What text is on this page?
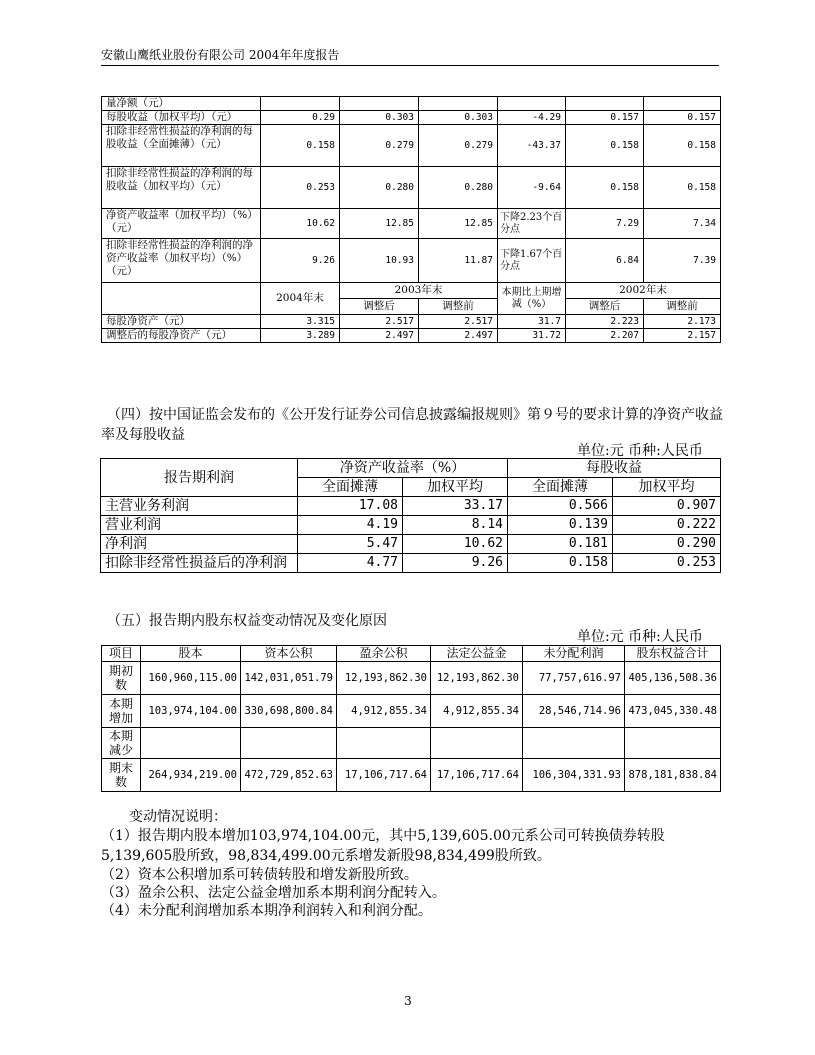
安徽山鹰纸业股份有限公司 2004年年度报告
量净额（元）						
每股收益（加权平均）（元）	0.29	0.303	0.303	-4.29	0.157	0.157
扣除非经常性损益的净利润的每股收益（全面摊薄）（元）	0.158	0.279	0.279	-43.37	0.158	0.158
扣除非经常性损益的净利润的每股收益（加权平均）（元）	0.253	0.280	0.280	-9.64	0.158	0.158
净资产收益率（加权平均）（%）（元）	10.62	12.85	12.85	下降2.23个百分点	7.29	7.34
扣除非经常性损益的净利润的净资产收益率（加权平均）（%）（元）	9.26	10.93	11.87	下降1.67个百分点	6.84	7.39
	2004年末	2003年末		本期比上期增减（%）	2002年末	
		调整后	调整前		调整后	调整前
每股净资产（元）	3.315	2.517	2.517	31.7	2.223	2.173
调整后的每股净资产（元）	3.289	2.497	2.497	31.72	2.207	2.157
（四）按中国证监会发布的《公开发行证券公司信息披露编报规则》第９号的要求计算的净资产收益
率及每股收益
单位:元 币种:人民币
报告期利润	净资产收益率（%）		每股收益	
	全面摊薄	加权平均	全面摊薄	加权平均
主营业务利润	17.08	33.17	0.566	0.907
营业利润	4.19	8.14	0.139	0.222
净利润	5.47	10.62	0.181	0.290
扣除非经常性损益后的净利润	4.77	9.26	0.158	0.253
（五）报告期内股东权益变动情况及变化原因
单位:元 币种:人民币
项目	股本	资本公积	盈余公积	法定公益金	未分配利润	股东权益合计
期初数	160,960,115.00	142,031,051.79	12,193,862.30	12,193,862.30	77,757,616.97	405,136,508.36
本期增加	103,974,104.00	330,698,800.84	4,912,855.34	4,912,855.34	28,546,714.96	473,045,330.48
本期减少						
期末数	264,934,219.00	472,729,852.63	17,106,717.64	17,106,717.64	106,304,331.93	878,181,838.84
变动情况说明：
（1）报告期内股本增加103,974,104.00元，其中5,139,605.00元系公司可转换债券转股
5,139,605股所致，98,834,499.00元系增发新股98,834,499股所致。
（2）资本公积增加系可转债转股和增发新股所致。
（3）盈余公积、法定公益金增加系本期利润分配转入。
（4）未分配利润增加系本期净利润转入和利润分配。
3
